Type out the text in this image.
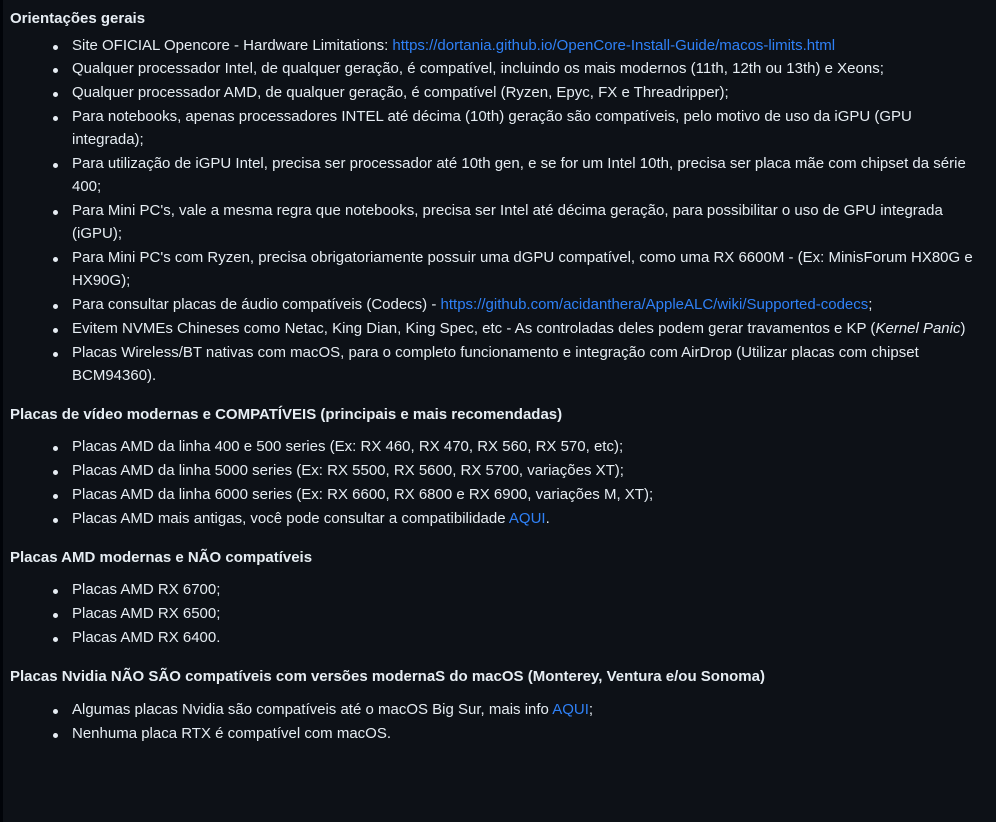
Orientações gerais
Site OFICIAL Opencore - Hardware Limitations: https://dortania.github.io/OpenCore-Install-Guide/macos-limits.html
Qualquer processador Intel, de qualquer geração, é compatível, incluindo os mais modernos (11th, 12th ou 13th) e Xeons;
Qualquer processador AMD, de qualquer geração, é compatível (Ryzen, Epyc, FX e Threadripper);
Para notebooks, apenas processadores INTEL até décima (10th) geração são compatíveis, pelo motivo de uso da iGPU (GPU integrada);
Para utilização de iGPU Intel, precisa ser processador até 10th gen, e se for um Intel 10th, precisa ser placa mãe com chipset da série 400;
Para Mini PC's, vale a mesma regra que notebooks, precisa ser Intel até décima geração, para possibilitar o uso de GPU integrada (iGPU);
Para Mini PC's com Ryzen, precisa obrigatoriamente possuir uma dGPU compatível, como uma RX 6600M - (Ex: MinisForum HX80G e HX90G);
Para consultar placas de áudio compatíveis (Codecs) - https://github.com/acidanthera/AppleALC/wiki/Supported-codecs;
Evitem NVMEs Chineses como Netac, King Dian, King Spec, etc - As controladas deles podem gerar travamentos e KP (Kernel Panic)
Placas Wireless/BT nativas com macOS, para o completo funcionamento e integração com AirDrop (Utilizar placas com chipset BCM94360).
Placas de vídeo modernas e COMPATÍVEIS (principais e mais recomendadas)
Placas AMD da linha 400 e 500 series (Ex: RX 460, RX 470, RX 560, RX 570, etc);
Placas AMD da linha 5000 series (Ex: RX 5500, RX 5600, RX 5700, variações XT);
Placas AMD da linha 6000 series (Ex: RX 6600, RX 6800 e RX 6900, variações M, XT);
Placas AMD mais antigas, você pode consultar a compatibilidade AQUI.
Placas AMD modernas e NÃO compatíveis
Placas AMD RX 6700;
Placas AMD RX 6500;
Placas AMD RX 6400.
Placas Nvidia NÃO SÃO compatíveis com versões modernaS do macOS (Monterey, Ventura e/ou Sonoma)
Algumas placas Nvidia são compatíveis até o macOS Big Sur, mais info AQUI;
Nenhuma placa RTX é compatível com macOS.
